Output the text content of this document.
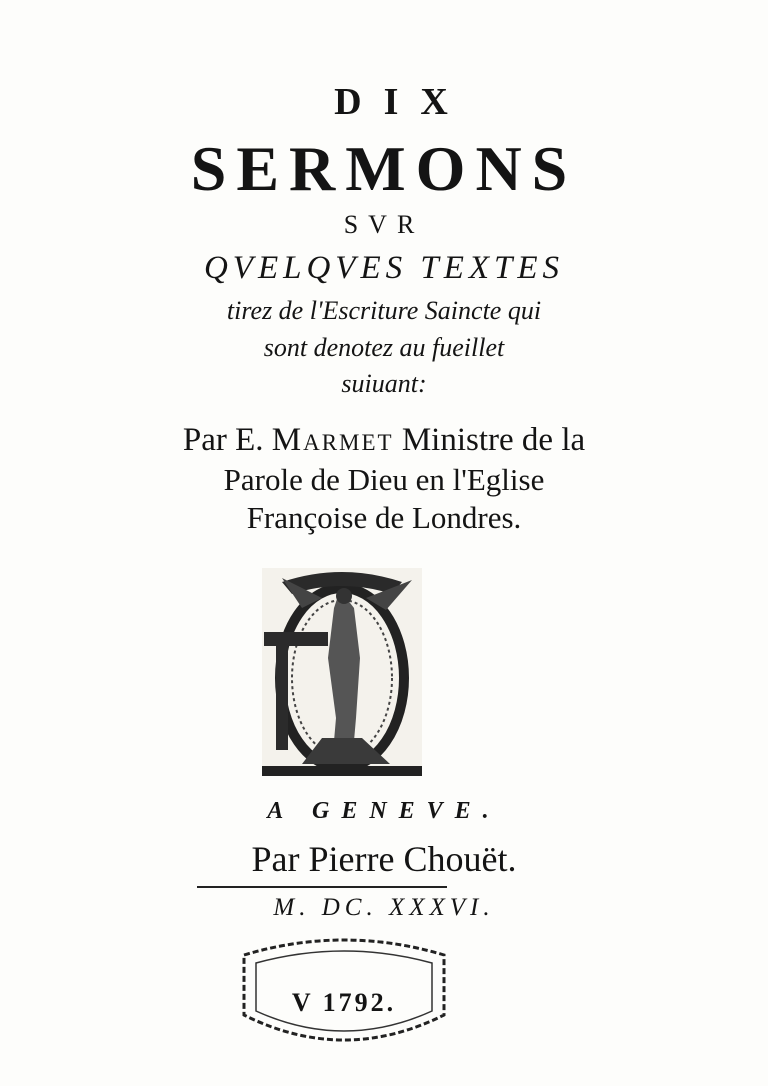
DIX
SERMONS
SVR
QVELQVES TEXTES
tirez de l'Escriture Saincte qui
sont denotez au fueillet
suiuant:
Par E. Marmet Ministre de la
Parole de Dieu en l'Eglise
Françoise de Londres.
A GENEVE.
Par Pierre Chouët.
M. DC. XXXVI.
V 1792.
